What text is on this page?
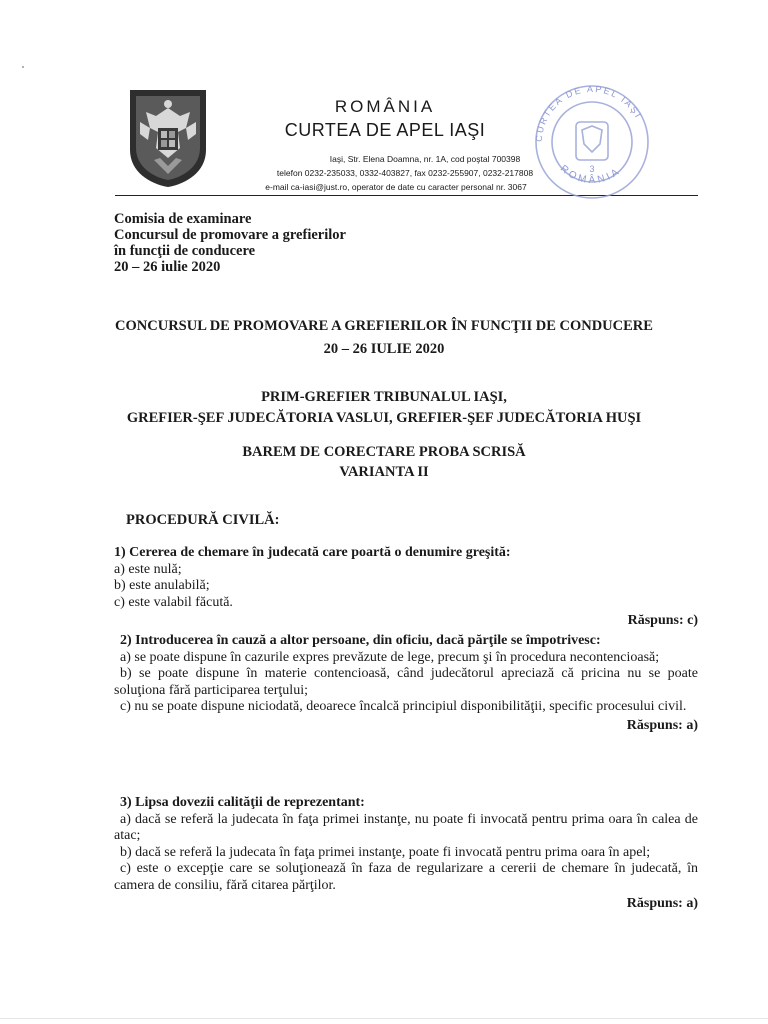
ROMÂNIA
CURTEA DE APEL IAŞI
Iaşi, Str. Elena Doamna, nr. 1A, cod poştal 700398
telefon 0232-235033, 0332-403827, fax 0232-255907, 0232-217808
e-mail ca-iasi@just.ro, operator de date cu caracter personal nr. 3067
CURTEA DE APEL IAŞI
ROMÂNIA
3
Comisia de examinare
Concursul de promovare a grefierilor
în funcţii de conducere
20 – 26 iulie 2020
CONCURSUL DE PROMOVARE A GREFIERILOR ÎN FUNCŢII DE CONDUCERE
20 – 26 IULIE 2020
PRIM-GREFIER TRIBUNALUL IAŞI,
GREFIER-ŞEF JUDECĂTORIA VASLUI, GREFIER-ŞEF JUDECĂTORIA HUŞI
BAREM DE CORECTARE PROBA SCRISĂ
VARIANTA II
PROCEDURĂ CIVILĂ:
1) Cererea de chemare în judecată care poartă o denumire greşită:
a) este nulă;
b) este anulabilă;
c) este valabil făcută.
Răspuns: c)
2) Introducerea în cauză a altor persoane, din oficiu, dacă părţile se împotrivesc:
a) se poate dispune în cazurile expres prevăzute de lege, precum şi în procedura necontencioasă;
b) se poate dispune în materie contencioasă, când judecătorul apreciază că pricina nu se poate soluţiona fără participarea terţului;
c) nu se poate dispune niciodată, deoarece încalcă principiul disponibilităţii, specific procesului civil.
Răspuns: a)
3) Lipsa dovezii calităţii de reprezentant:
a) dacă se referă la judecata în faţa primei instanţe, nu poate fi invocată pentru prima oara în calea de atac;
b) dacă se referă la judecata în faţa primei instanţe, poate fi invocată pentru prima oara în apel;
c) este o excepţie care se soluţionează în faza de regularizare a cererii de chemare în judecată, în camera de consiliu, fără citarea părţilor.
Răspuns: a)
